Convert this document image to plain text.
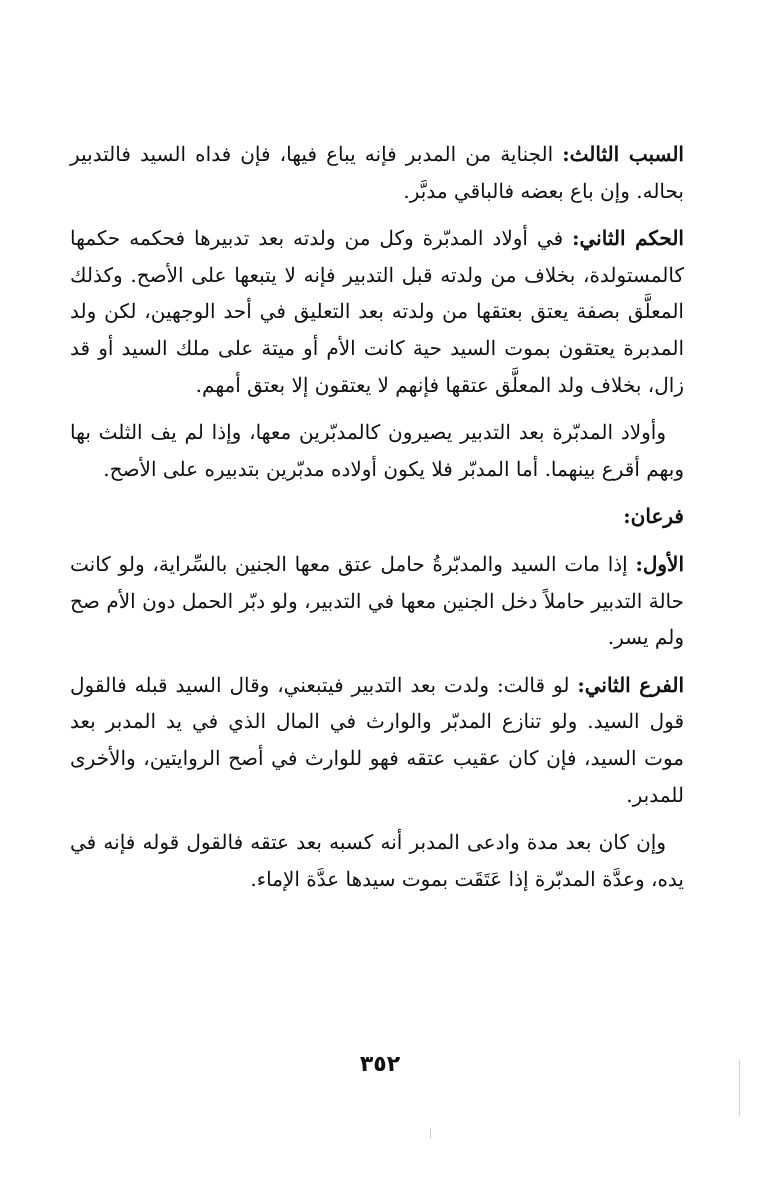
السبب الثالث: الجناية من المدبر فإنه يباع فيها، فإن فداه السيد فالتدبير بحاله. وإن باع بعضه فالباقي مدبَّر.

الحكم الثاني: في أولاد المدبّرة وكل من ولدته بعد تدبيرها فحكمه حكمها كالمستولدة، بخلاف من ولدته قبل التدبير فإنه لا يتبعها على الأصح. وكذلك المعلَّق بصفة يعتق بعتقها من ولدته بعد التعليق في أحد الوجهين، لكن ولد المدبرة يعتقون بموت السيد حية كانت الأم أو ميتة على ملك السيد أو قد زال، بخلاف ولد المعلَّق عتقها فإنهم لا يعتقون إلا بعتق أمهم.

وأولاد المدبّرة بعد التدبير يصيرون كالمدبّرين معها، وإذا لم يف الثلث بها وبهم أقرع بينهما. أما المدبّر فلا يكون أولاده مدبّرين بتدبيره على الأصح.

فرعان:

الأول: إذا مات السيد والمدبّرةُ حامل عتق معها الجنين بالسِّراية، ولو كانت حالة التدبير حاملاً دخل الجنين معها في التدبير، ولو دبّر الحمل دون الأم صح ولم يسر.

الفرع الثاني: لو قالت: ولدت بعد التدبير فيتبعني، وقال السيد قبله فالقول قول السيد. ولو تنازع المدبّر والوارث في المال الذي في يد المدبر بعد موت السيد، فإن كان عقيب عتقه فهو للوارث في أصح الروايتين، والأخرى للمدبر.

وإن كان بعد مدة وادعى المدبر أنه كسبه بعد عتقه فالقول قوله فإنه في يده، وعدَّة المدبّرة إذا عَتَقَت بموت سيدها عدَّة الإماء.

٣٥٢
